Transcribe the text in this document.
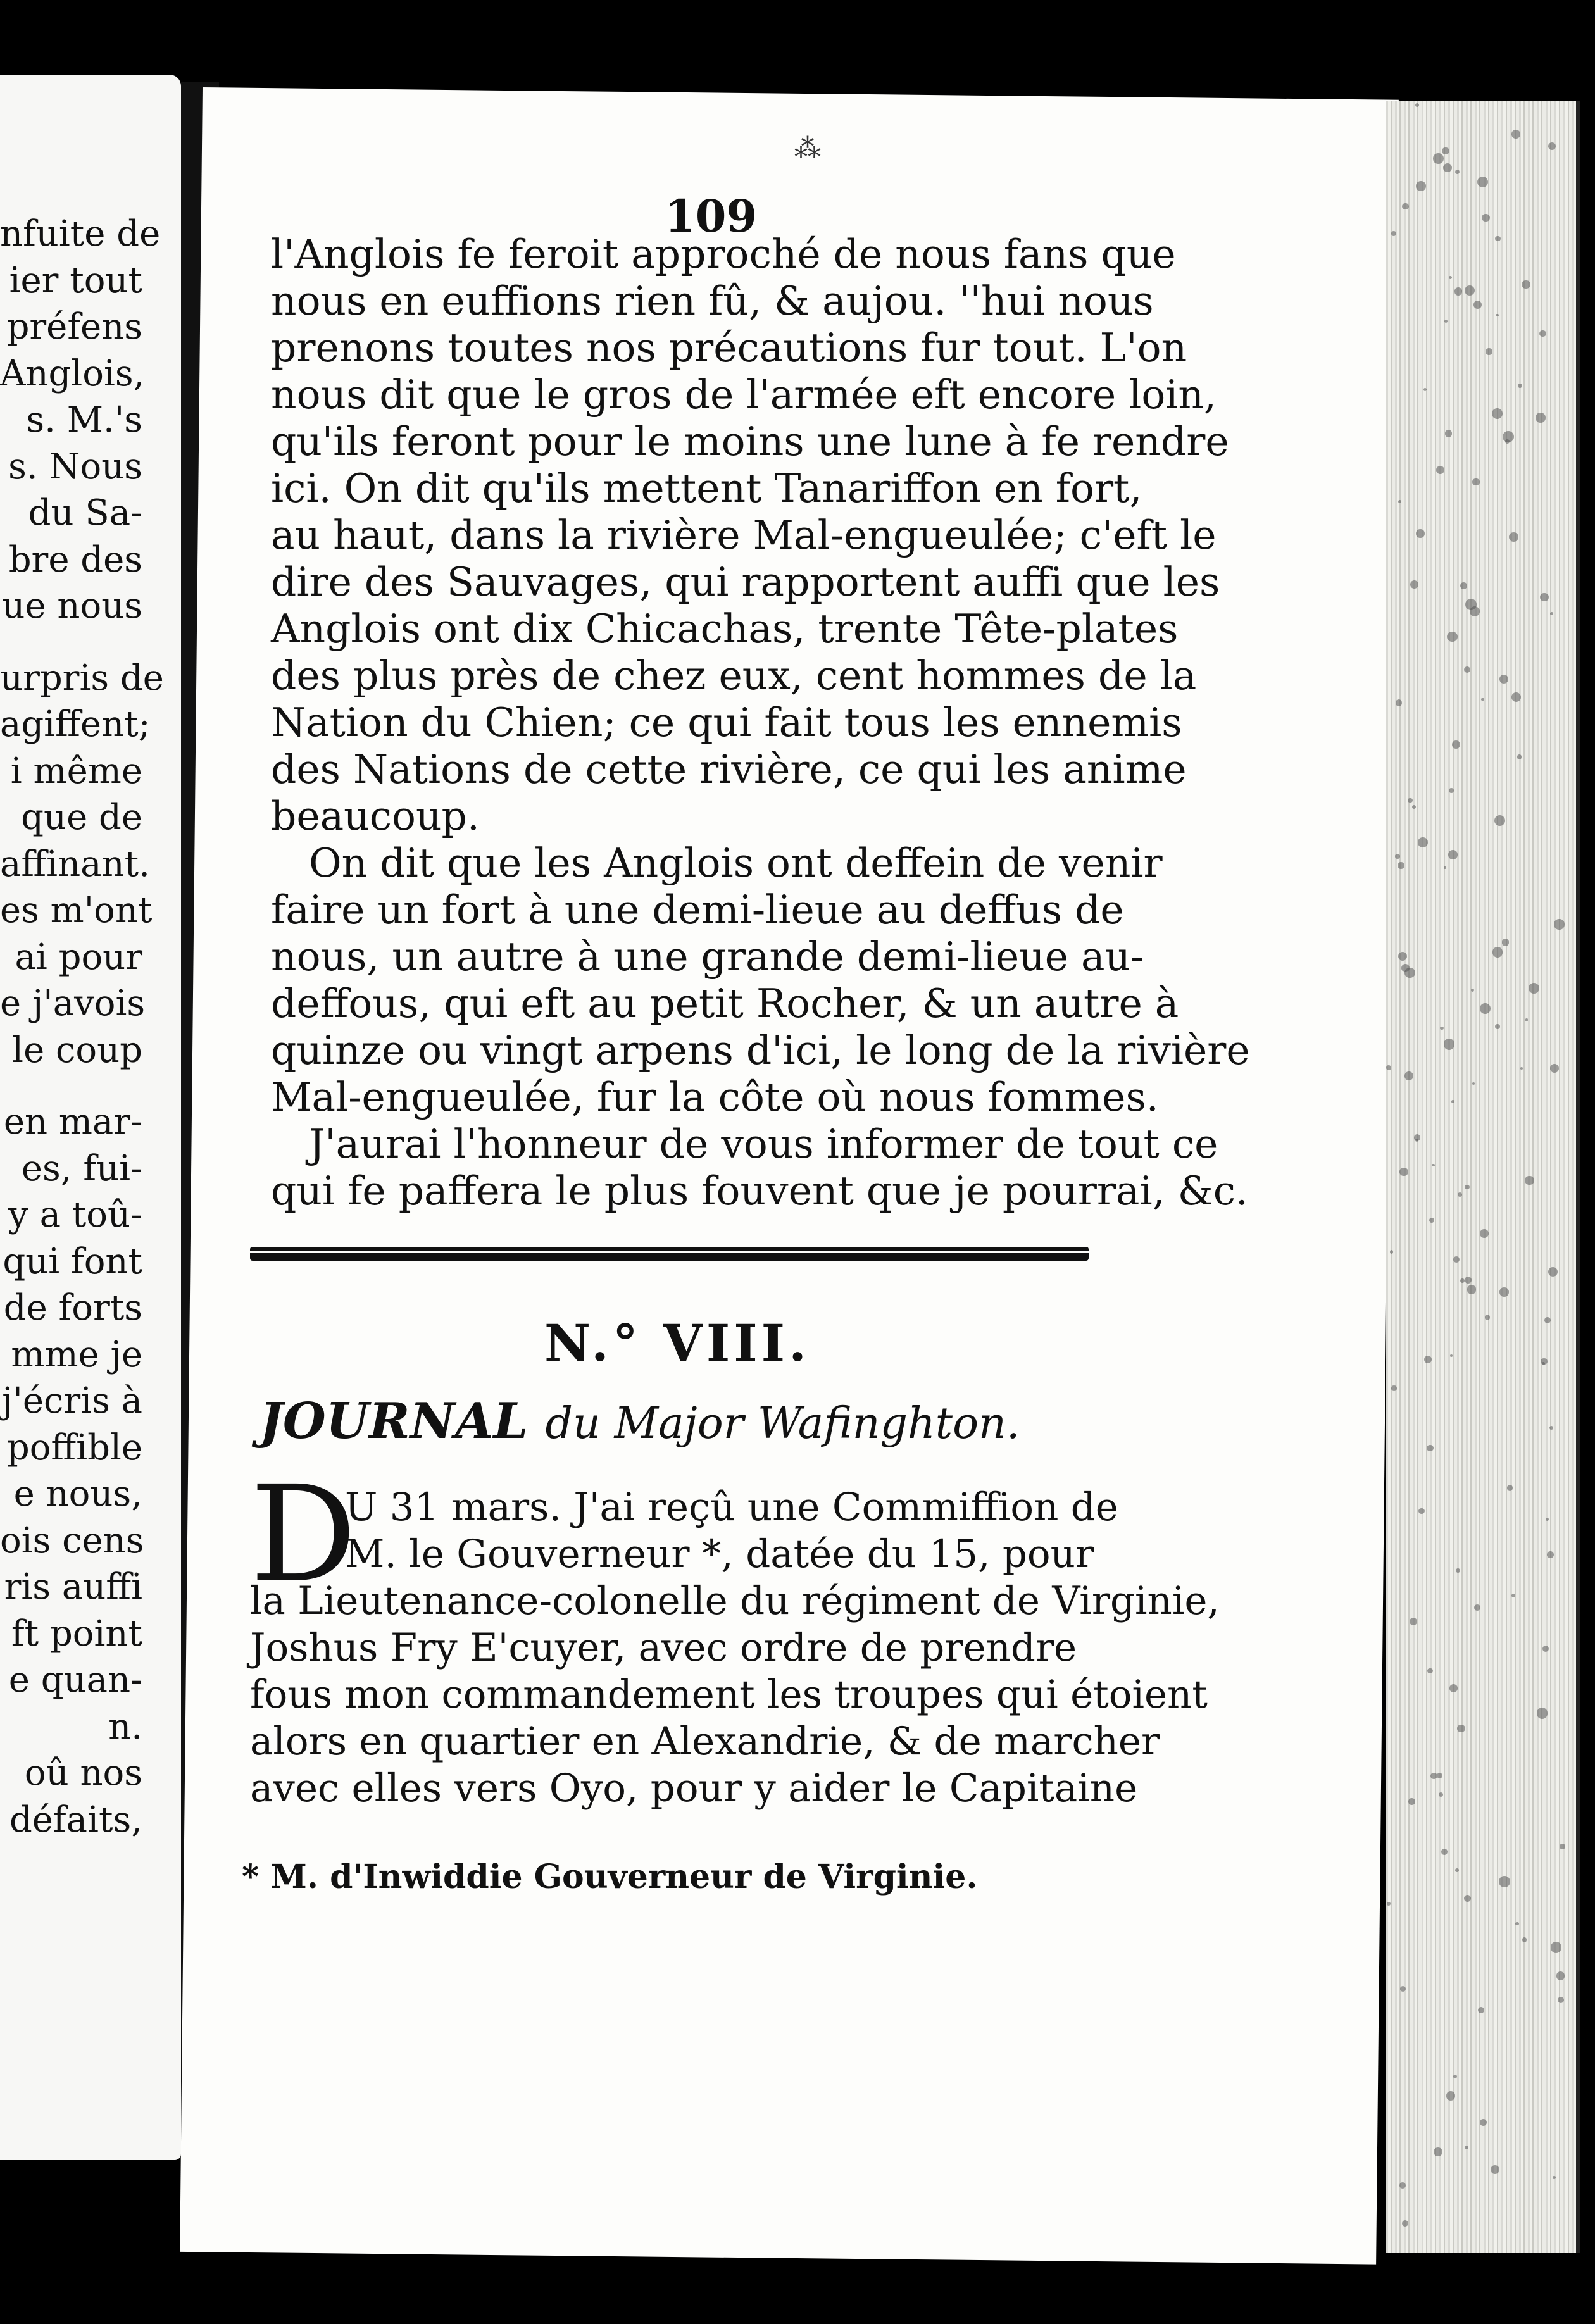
nfuite de
ier tout
préfens
Anglois,
s. M.'s
s. Nous
du Sa-
bre des
ue nous
urpris de
agiffent;
i même
que de
affinant.
es m'ont
ai pour
e j'avois
le coup
en mar-
es, fui-
y a toû-
qui font
de forts
mme je
j'écris à
poffible
e nous,
ois cens
ris auffi
ft point
e quan-
n.
oû nos
défaits,
⁂
109
l'Anglois fe feroit approché de nous fans que
nous en euffions rien fû, & aujou. ''hui nous
prenons toutes nos précautions fur tout. L'on
nous dit que le gros de l'armée eft encore loin,
qu'ils feront pour le moins une lune à fe rendre
ici. On dit qu'ils mettent Tanariffon en fort,
au haut, dans la rivière Mal-engueulée; c'eft le
dire des Sauvages, qui rapportent auffi que les
Anglois ont dix Chicachas, trente Tête-plates
des plus près de chez eux, cent hommes de la
Nation du Chien; ce qui fait tous les ennemis
des Nations de cette rivière, ce qui les anime
beaucoup.
On dit que les Anglois ont deffein de venir
faire un fort à une demi-lieue au deffus de
nous, un autre à une grande demi-lieue au-
deffous, qui eft au petit Rocher, & un autre à
quinze ou vingt arpens d'ici, le long de la rivière
Mal-engueulée, fur la côte où nous fommes.
J'aurai l'honneur de vous informer de tout ce
qui fe paffera le plus fouvent que je pourrai, &c.
N.° VIII.
JOURNAL du Major Wafinghton.
D
U 31 mars. J'ai reçû une Commiffion de
M. le Gouverneur *, datée du 15, pour
la Lieutenance-colonelle du régiment de Virginie,
Joshus Fry E'cuyer, avec ordre de prendre
fous mon commandement les troupes qui étoient
alors en quartier en Alexandrie, & de marcher
avec elles vers Oyo, pour y aider le Capitaine
* M. d'Inwiddie Gouverneur de Virginie.
